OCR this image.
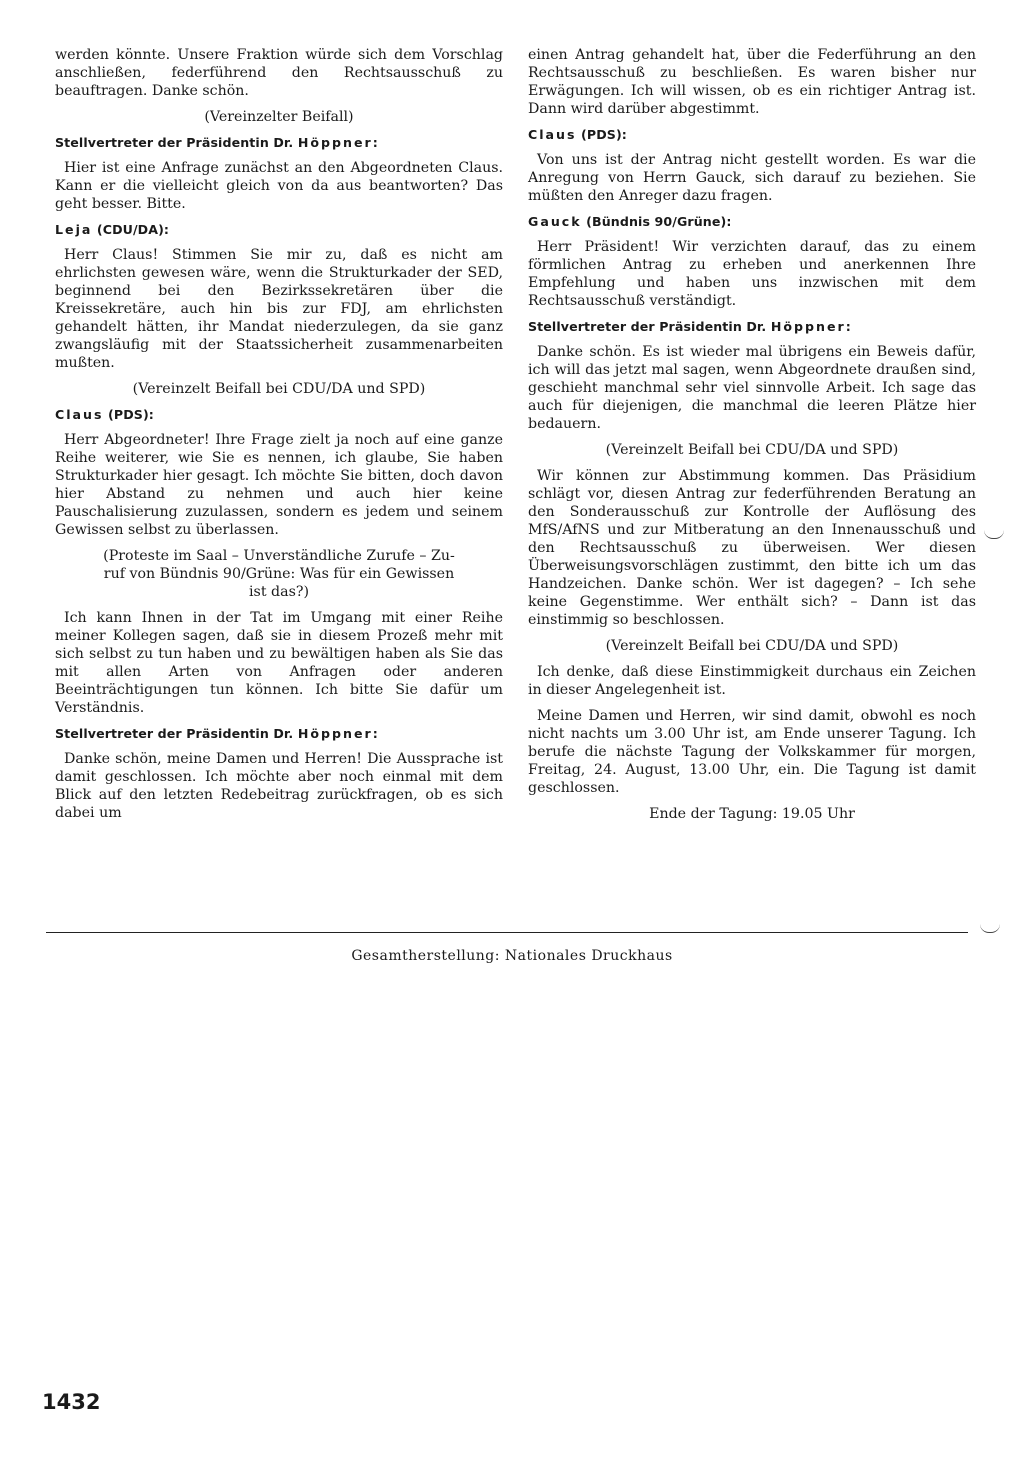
werden könnte. Unsere Fraktion würde sich dem Vorschlag anschließen, federführend den Rechtsausschuß zu beauftragen. Danke schön.

(Vereinzelter Beifall)

Stellvertreter der Präsidentin Dr. Höppner:

Hier ist eine Anfrage zunächst an den Abgeordneten Claus. Kann er die vielleicht gleich von da aus beantworten? Das geht besser. Bitte.

Leja (CDU/DA):

Herr Claus! Stimmen Sie mir zu, daß es nicht am ehrlichsten gewesen wäre, wenn die Strukturkader der SED, beginnend bei den Bezirkssekretären über die Kreissekretäre, auch hin bis zur FDJ, am ehrlichsten gehandelt hätten, ihr Mandat niederzulegen, da sie ganz zwangsläufig mit der Staatssicherheit zusammenarbeiten mußten.

(Vereinzelt Beifall bei CDU/DA und SPD)

Claus (PDS):

Herr Abgeordneter! Ihre Frage zielt ja noch auf eine ganze Reihe weiterer, wie Sie es nennen, ich glaube, Sie haben Strukturkader hier gesagt. Ich möchte Sie bitten, doch davon hier Abstand zu nehmen und auch hier keine Pauschalisierung zuzulassen, sondern es jedem und seinem Gewissen selbst zu überlassen.

(Proteste im Saal – Unverständliche Zurufe – Zu-
ruf von Bündnis 90/Grüne: Was für ein Gewissen
ist das?)

Ich kann Ihnen in der Tat im Umgang mit einer Reihe meiner Kollegen sagen, daß sie in diesem Prozeß mehr mit sich selbst zu tun haben und zu bewältigen haben als Sie das mit allen Arten von Anfragen oder anderen Beeinträchtigungen tun können. Ich bitte Sie dafür um Verständnis.

Stellvertreter der Präsidentin Dr. Höppner:

Danke schön, meine Damen und Herren! Die Aussprache ist damit geschlossen. Ich möchte aber noch einmal mit dem Blick auf den letzten Redebeitrag zurückfragen, ob es sich dabei um

einen Antrag gehandelt hat, über die Federführung an den Rechtsausschuß zu beschließen. Es waren bisher nur Erwägungen. Ich will wissen, ob es ein richtiger Antrag ist. Dann wird darüber abgestimmt.

Claus (PDS):

Von uns ist der Antrag nicht gestellt worden. Es war die Anregung von Herrn Gauck, sich darauf zu beziehen. Sie müßten den Anreger dazu fragen.

Gauck (Bündnis 90/Grüne):

Herr Präsident! Wir verzichten darauf, das zu einem förmlichen Antrag zu erheben und anerkennen Ihre Empfehlung und haben uns inzwischen mit dem Rechtsausschuß verständigt.

Stellvertreter der Präsidentin Dr. Höppner:

Danke schön. Es ist wieder mal übrigens ein Beweis dafür, ich will das jetzt mal sagen, wenn Abgeordnete draußen sind, geschieht manchmal sehr viel sinnvolle Arbeit. Ich sage das auch für diejenigen, die manchmal die leeren Plätze hier bedauern.

(Vereinzelt Beifall bei CDU/DA und SPD)

Wir können zur Abstimmung kommen. Das Präsidium schlägt vor, diesen Antrag zur federführenden Beratung an den Sonderausschuß zur Kontrolle der Auflösung des MfS/AfNS und zur Mitberatung an den Innenausschuß und den Rechtsausschuß zu überweisen. Wer diesen Überweisungsvorschlägen zustimmt, den bitte ich um das Handzeichen. Danke schön. Wer ist dagegen? – Ich sehe keine Gegenstimme. Wer enthält sich? – Dann ist das einstimmig so beschlossen.

(Vereinzelt Beifall bei CDU/DA und SPD)

Ich denke, daß diese Einstimmigkeit durchaus ein Zeichen in dieser Angelegenheit ist.

Meine Damen und Herren, wir sind damit, obwohl es noch nicht nachts um 3.00 Uhr ist, am Ende unserer Tagung. Ich berufe die nächste Tagung der Volkskammer für morgen, Freitag, 24. August, 13.00 Uhr, ein. Die Tagung ist damit geschlossen.

Ende der Tagung: 19.05 Uhr

Gesamtherstellung: Nationales Druckhaus
1432
